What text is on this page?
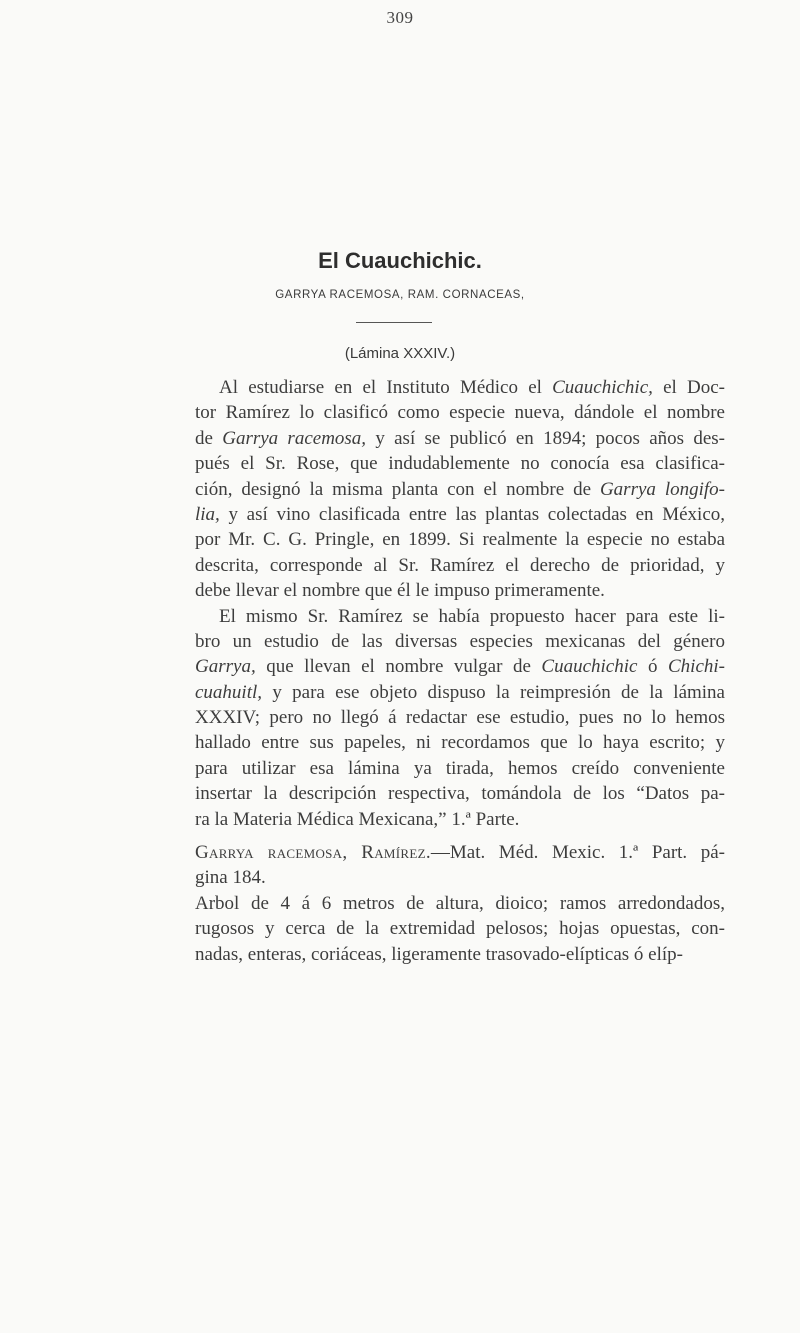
309
El Cuauchichic.
GARRYA RACEMOSA, RAM. CORNACEAS,
(Lámina XXXIV.)
Al estudiarse en el Instituto Médico el Cuauchichic, el Doc-
tor Ramírez lo clasificó como especie nueva, dándole el nombre
de Garrya racemosa, y así se publicó en 1894; pocos años des-
pués el Sr. Rose, que indudablemente no conocía esa clasifica-
ción, designó la misma planta con el nombre de Garrya longifo-
lia, y así vino clasificada entre las plantas colectadas en México,
por Mr. C. G. Pringle, en 1899. Si realmente la especie no estaba
descrita, corresponde al Sr. Ramírez el derecho de prioridad, y
debe llevar el nombre que él le impuso primeramente.
El mismo Sr. Ramírez se había propuesto hacer para este li-
bro un estudio de las diversas especies mexicanas del género
Garrya, que llevan el nombre vulgar de Cuauchichic ó Chichi-
cuahuitl, y para ese objeto dispuso la reimpresión de la lámina
XXXIV; pero no llegó á redactar ese estudio, pues no lo hemos
hallado entre sus papeles, ni recordamos que lo haya escrito; y
para utilizar esa lámina ya tirada, hemos creído conveniente
insertar la descripción respectiva, tomándola de los “Datos pa-
ra la Materia Médica Mexicana,” 1.ª Parte.
Garrya racemosa, Ramírez.—Mat. Méd. Mexic. 1.ª Part. pá-
gina 184.
Arbol de 4 á 6 metros de altura, dioico; ramos arredondados,
rugosos y cerca de la extremidad pelosos; hojas opuestas, con-
nadas, enteras, coriáceas, ligeramente trasovado-elípticas ó elíp-
